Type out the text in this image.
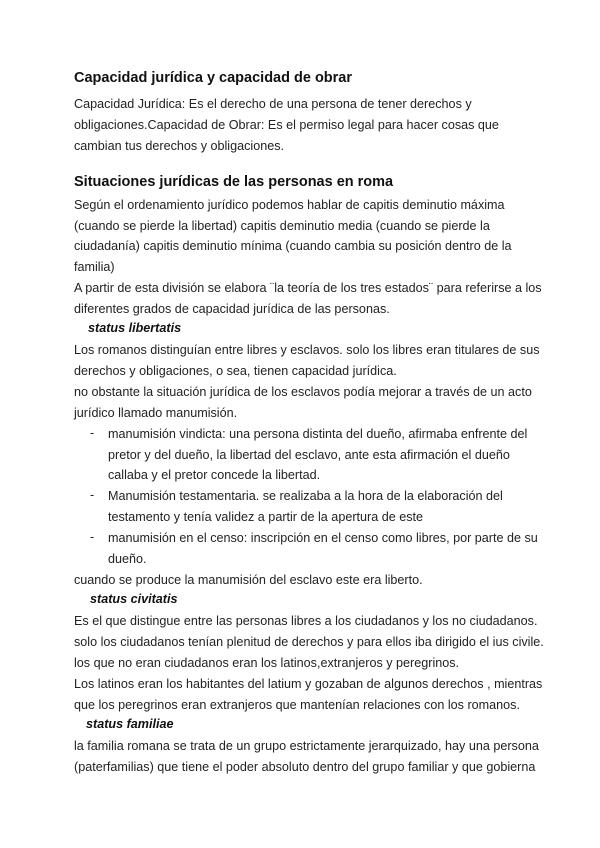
Capacidad jurídica y capacidad de obrar
Capacidad Jurídica: Es el derecho de una persona de tener derechos y
obligaciones.Capacidad de Obrar: Es el permiso legal para hacer cosas que
cambian tus derechos y obligaciones.
Situaciones jurídicas de las personas en roma
Según el ordenamiento jurídico podemos hablar de capitis deminutio máxima
(cuando se pierde la libertad) capitis deminutio media (cuando se pierde la
ciudadanía) capitis deminutio mínima (cuando cambia su posición dentro de la
familia)
A partir de esta división se elabora ¨la teoría de los tres estados¨ para referirse a los
diferentes grados de capacidad jurídica de las personas.
status libertatis
Los romanos distinguían entre libres y esclavos. solo los libres eran titulares de sus
derechos y obligaciones, o sea, tienen capacidad jurídica.
no obstante la situación jurídica de los esclavos podía mejorar a través de un acto
jurídico llamado manumisión.
- manumisión vindicta: una persona distinta del dueño, afirmaba enfrente del
pretor y del dueño, la libertad del esclavo, ante esta afirmación el dueño
callaba y el pretor concede la libertad.
- Manumisión testamentaria. se realizaba a la hora de la elaboración del
testamento y tenía validez a partir de la apertura de este
- manumisión en el censo: inscripción en el censo como libres, por parte de su
dueño.
cuando se produce la manumisión del esclavo este era liberto.
status civitatis
Es el que distingue entre las personas libres a los ciudadanos y los no ciudadanos.
solo los ciudadanos tenían plenitud de derechos y para ellos iba dirigido el ius civile.
los que no eran ciudadanos eran los latinos,extranjeros y peregrinos.
Los latinos eran los habitantes del latium y gozaban de algunos derechos , mientras
que los peregrinos eran extranjeros que mantenían relaciones con los romanos.
status familiae
la familia romana se trata de un grupo estrictamente jerarquizado, hay una persona
(paterfamilias) que tiene el poder absoluto dentro del grupo familiar y que gobierna
